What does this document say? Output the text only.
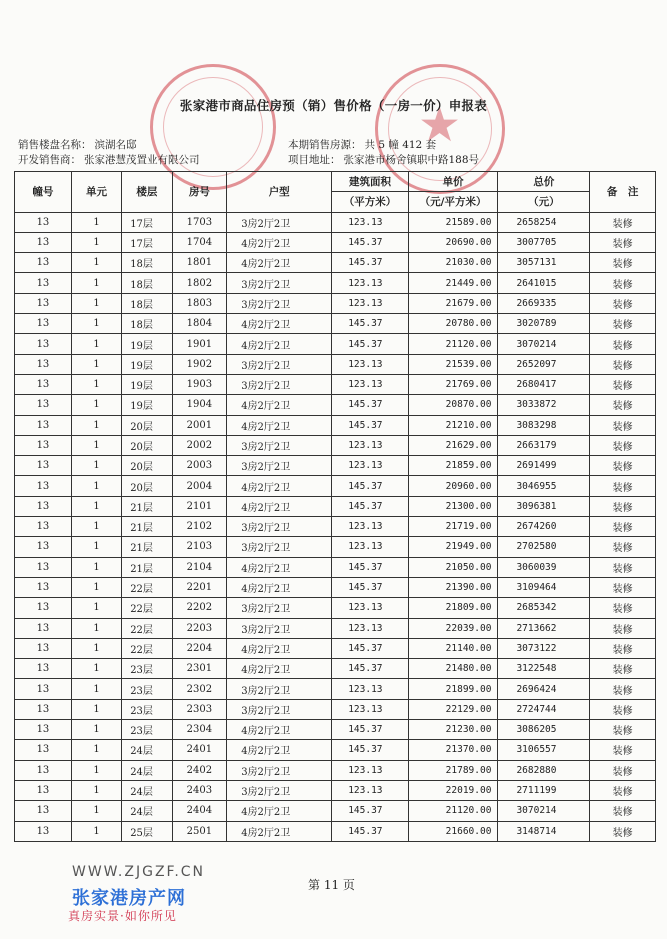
★
张家港市商品住房预（销）售价格（一房一价）申报表
销售楼盘名称： 滨湖名邸	本期销售房源： 共 5 幢 412 套
开发销售商： 张家港慧茂置业有限公司	项目地址： 张家港市杨舍镇职中路188号
幢号	单元	楼层	房号	户型	建筑面积	单价	总价	备　注
					（平方米）	（元/平方米）	（元）	
13	1	17层	1703	3房2厅2卫	123.13	21589.00	2658254	装修
13	1	17层	1704	4房2厅2卫	145.37	20690.00	3007705	装修
13	1	18层	1801	4房2厅2卫	145.37	21030.00	3057131	装修
13	1	18层	1802	3房2厅2卫	123.13	21449.00	2641015	装修
13	1	18层	1803	3房2厅2卫	123.13	21679.00	2669335	装修
13	1	18层	1804	4房2厅2卫	145.37	20780.00	3020789	装修
13	1	19层	1901	4房2厅2卫	145.37	21120.00	3070214	装修
13	1	19层	1902	3房2厅2卫	123.13	21539.00	2652097	装修
13	1	19层	1903	3房2厅2卫	123.13	21769.00	2680417	装修
13	1	19层	1904	4房2厅2卫	145.37	20870.00	3033872	装修
13	1	20层	2001	4房2厅2卫	145.37	21210.00	3083298	装修
13	1	20层	2002	3房2厅2卫	123.13	21629.00	2663179	装修
13	1	20层	2003	3房2厅2卫	123.13	21859.00	2691499	装修
13	1	20层	2004	4房2厅2卫	145.37	20960.00	3046955	装修
13	1	21层	2101	4房2厅2卫	145.37	21300.00	3096381	装修
13	1	21层	2102	3房2厅2卫	123.13	21719.00	2674260	装修
13	1	21层	2103	3房2厅2卫	123.13	21949.00	2702580	装修
13	1	21层	2104	4房2厅2卫	145.37	21050.00	3060039	装修
13	1	22层	2201	4房2厅2卫	145.37	21390.00	3109464	装修
13	1	22层	2202	3房2厅2卫	123.13	21809.00	2685342	装修
13	1	22层	2203	3房2厅2卫	123.13	22039.00	2713662	装修
13	1	22层	2204	4房2厅2卫	145.37	21140.00	3073122	装修
13	1	23层	2301	4房2厅2卫	145.37	21480.00	3122548	装修
13	1	23层	2302	3房2厅2卫	123.13	21899.00	2696424	装修
13	1	23层	2303	3房2厅2卫	123.13	22129.00	2724744	装修
13	1	23层	2304	4房2厅2卫	145.37	21230.00	3086205	装修
13	1	24层	2401	4房2厅2卫	145.37	21370.00	3106557	装修
13	1	24层	2402	3房2厅2卫	123.13	21789.00	2682880	装修
13	1	24层	2403	3房2厅2卫	123.13	22019.00	2711199	装修
13	1	24层	2404	4房2厅2卫	145.37	21120.00	3070214	装修
13	1	25层	2501	4房2厅2卫	145.37	21660.00	3148714	装修
WWW.ZJGZF.CN
张家港房产网
真房实景·如你所见
第 11 页
